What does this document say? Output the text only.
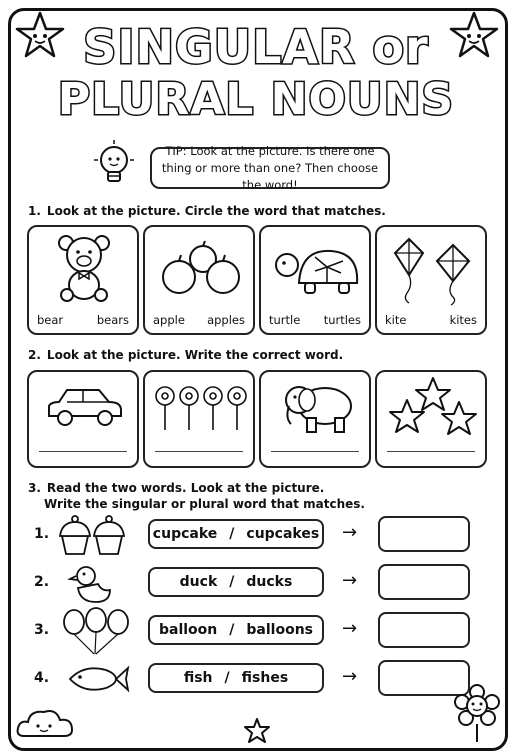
SINGULAR or
PLURAL NOUNS
TIP: Look at the picture. Is there one thing or more than one? Then choose the word!
1. Look at the picture. Circle the word that matches.
bear	bears apple apples turtle turtles kite	kites
2. Look at the picture. Write the correct word.
3. Read the two words. Look at the picture.
Write the singular or plural word that matches.
1.	cupcake / cupcakes →
2.	duck / ducks	→
3.	balloon / balloons →
4.	fish / fishes	→
